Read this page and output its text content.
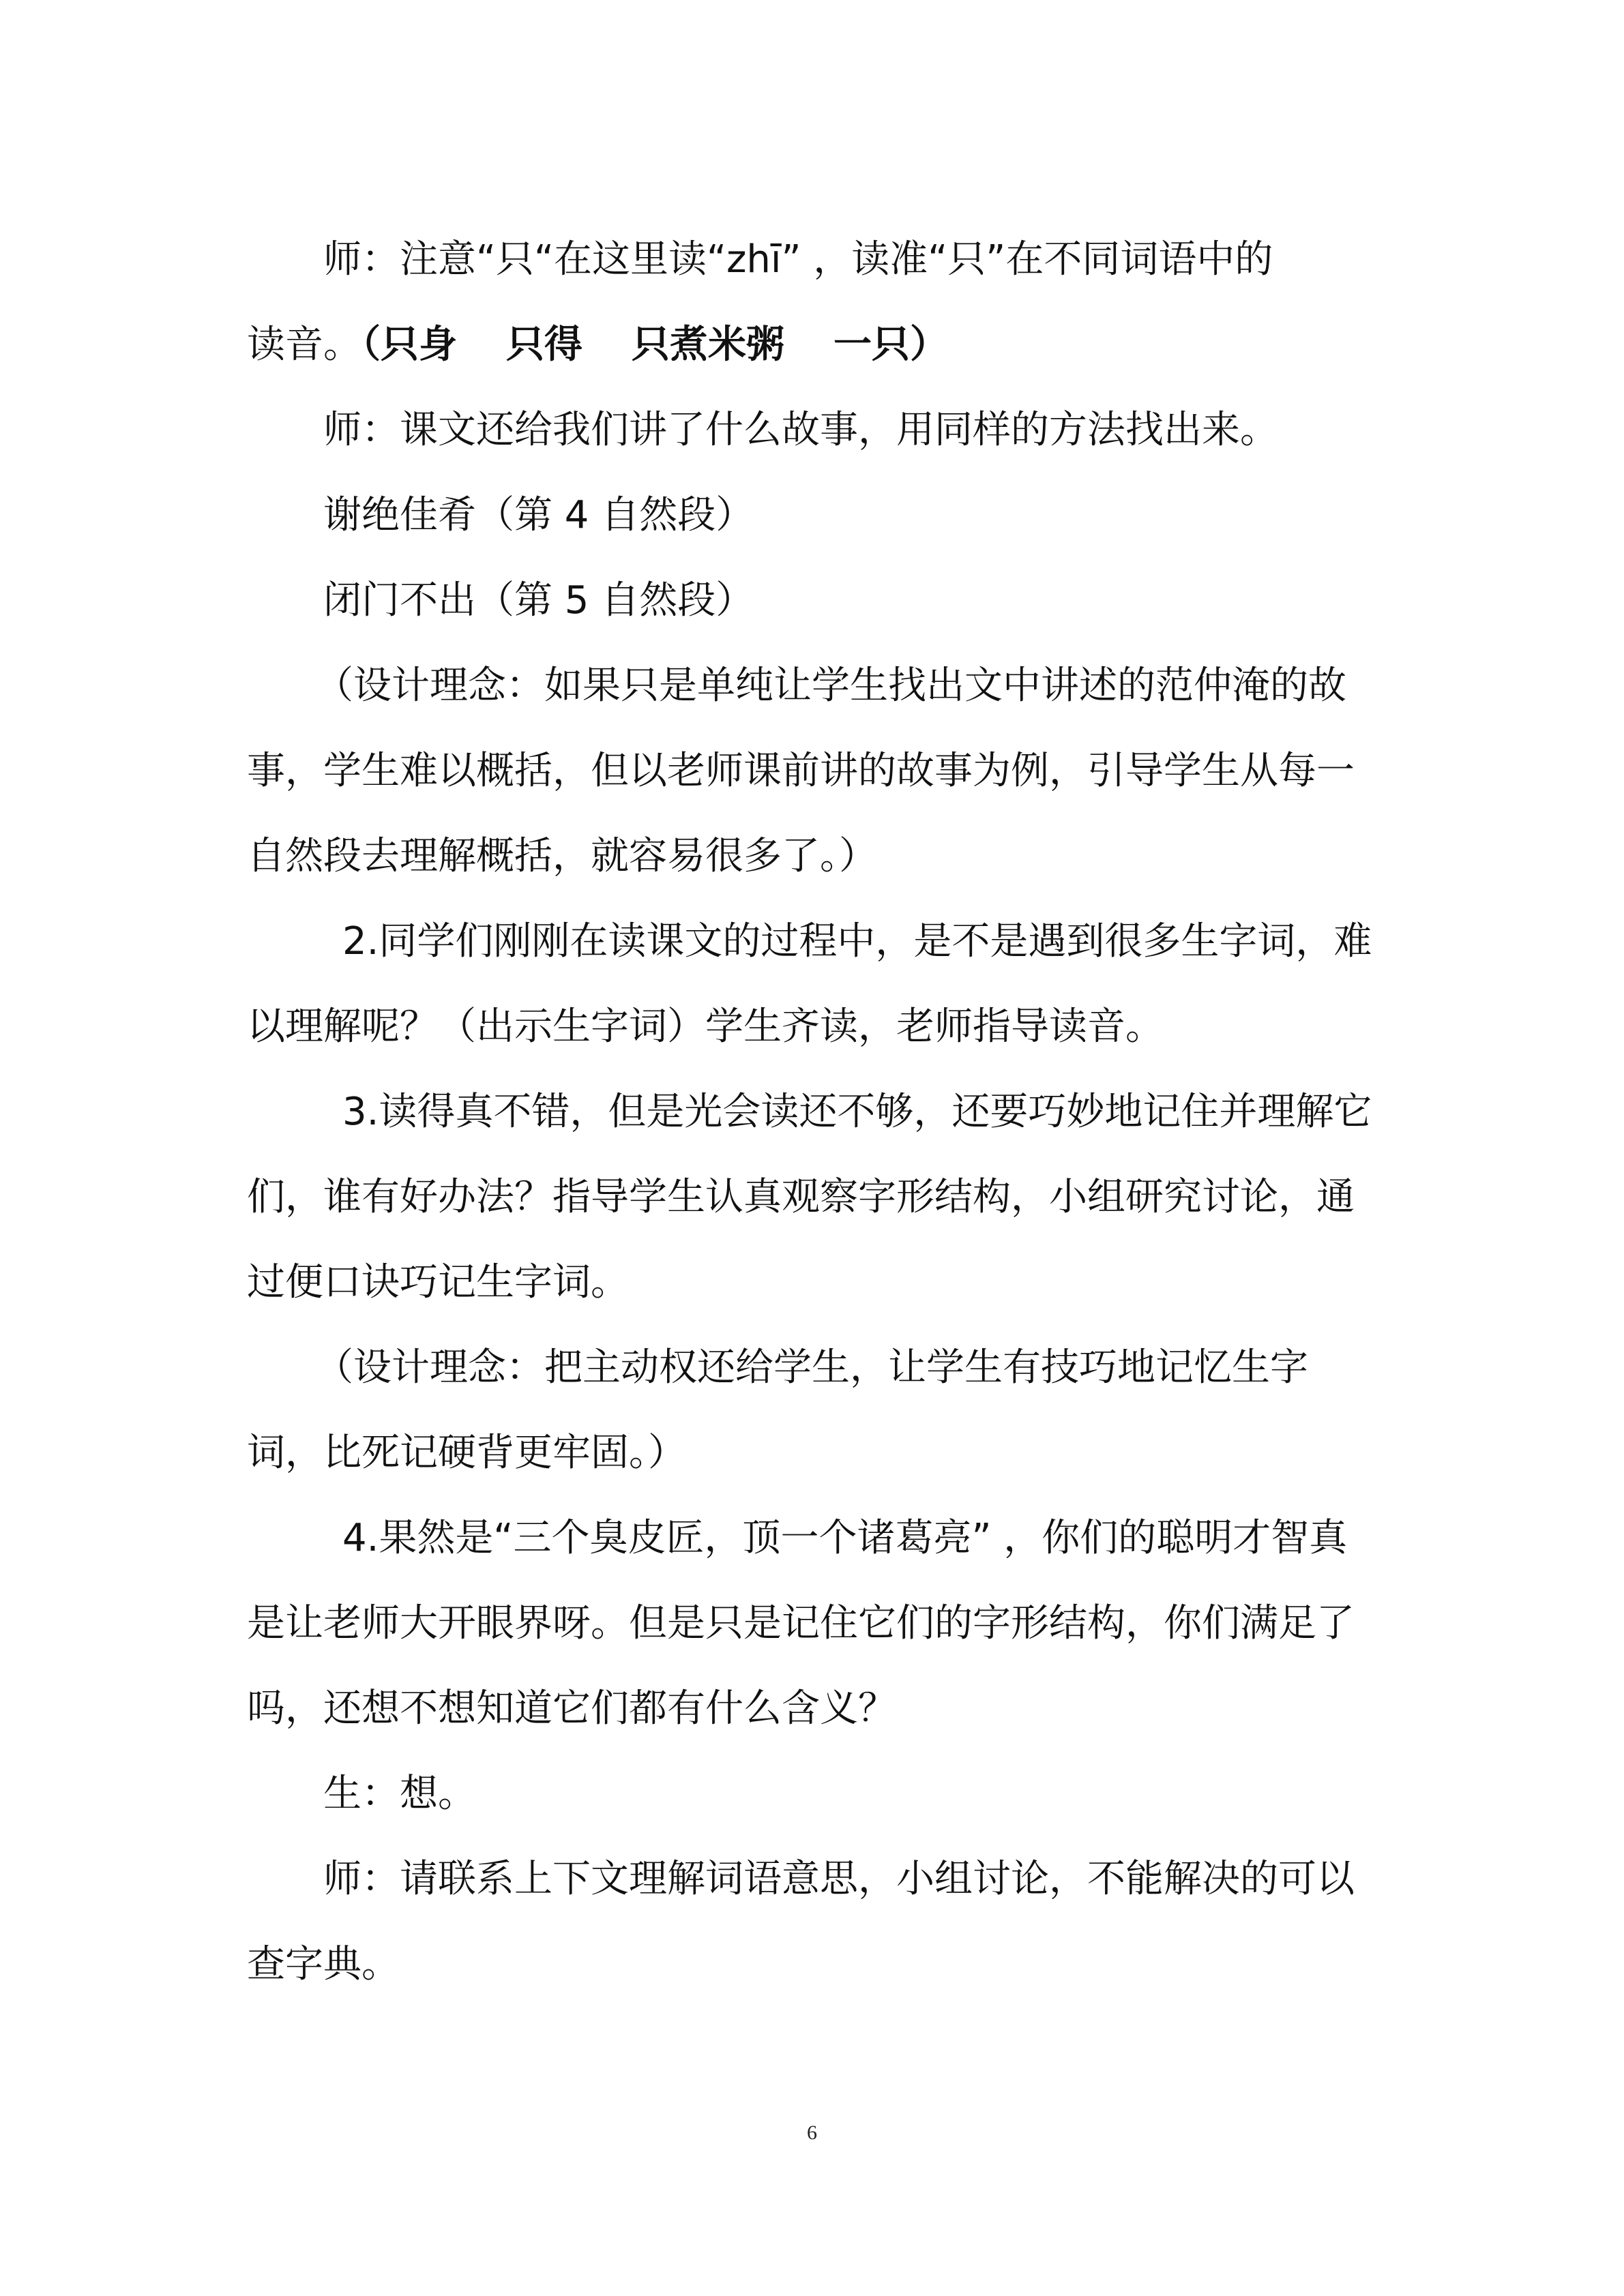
师：注意“只“在这里读“zhī” ，读准“只”在不同词语中的
读音。（只身 只得 只煮米粥 一只）

师：课文还给我们讲了什么故事，用同样的方法找出来。

谢绝佳肴（第 4 自然段）

闭门不出（第 5 自然段）

（设计理念：如果只是单纯让学生找出文中讲述的范仲淹的故
事，学生难以概括，但以老师课前讲的故事为例，引导学生从每一
自然段去理解概括，就容易很多了。）

2.同学们刚刚在读课文的过程中，是不是遇到很多生字词，难
以理解呢？（出示生字词）学生齐读，老师指导读音。

3.读得真不错，但是光会读还不够，还要巧妙地记住并理解它
们，谁有好办法？指导学生认真观察字形结构，小组研究讨论，通
过便口诀巧记生字词。

（设计理念：把主动权还给学生，让学生有技巧地记忆生字
词，比死记硬背更牢固。）

4.果然是“三个臭皮匠，顶一个诸葛亮” ，你们的聪明才智真
是让老师大开眼界呀。但是只是记住它们的字形结构，你们满足了
吗，还想不想知道它们都有什么含义？

生：想。

师：请联系上下文理解词语意思，小组讨论，不能解决的可以
查字典。

6
